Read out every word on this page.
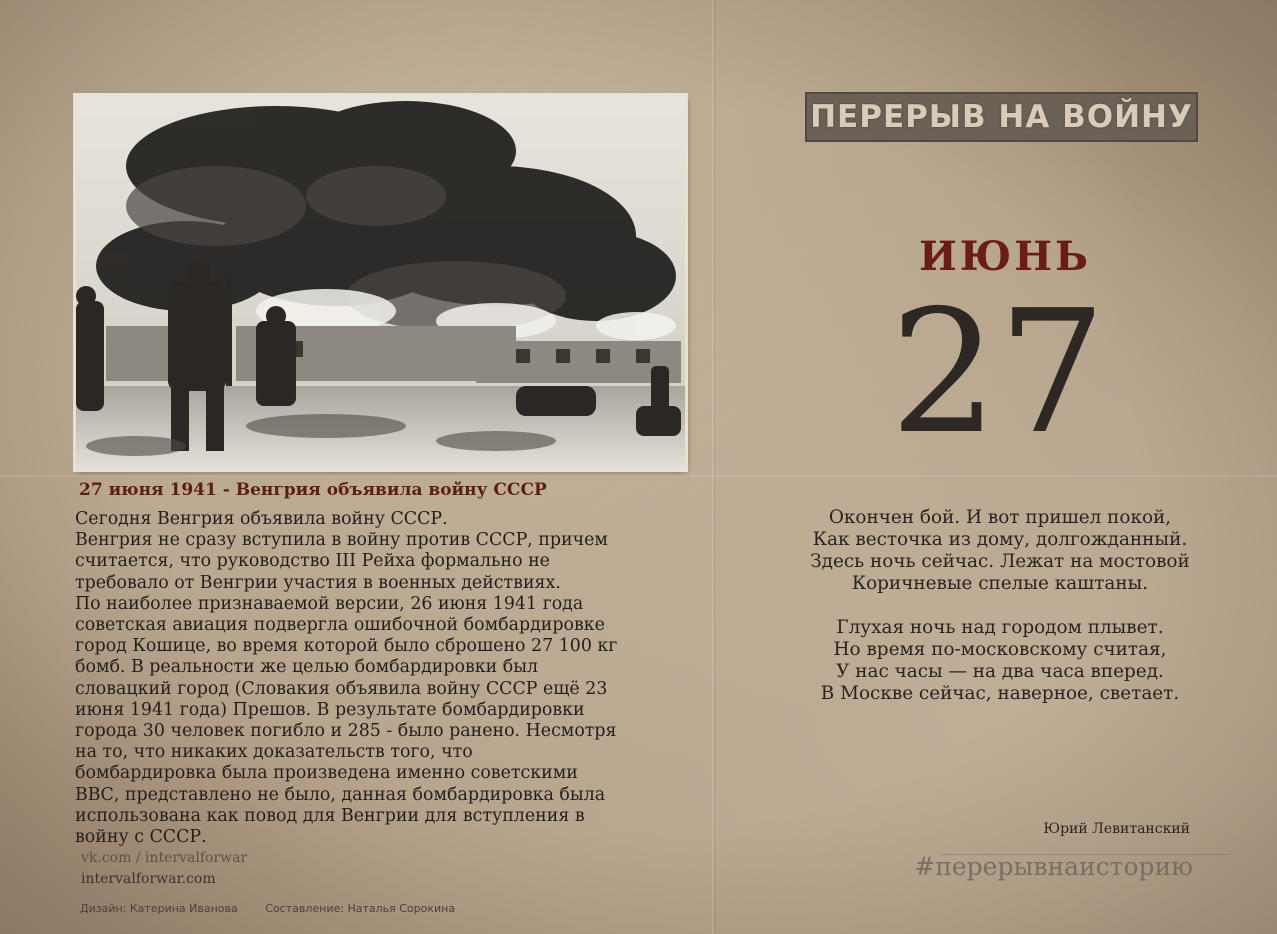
27 июня 1941 - Венгрия объявила войну СССР
Сегодня Венгрия объявила войну СССР.
Венгрия не сразу вступила в войну против СССР, причем
считается, что руководство III Рейха формально не
требовало от Венгрии участия в военных действиях.
По наиболее признаваемой версии, 26 июня 1941 года
советская авиация подвергла ошибочной бомбардировке
город Кошице, во время которой было сброшено 27 100 кг
бомб. В реальности же целью бомбардировки был
словацкий город (Словакия объявила войну СССР ещё 23
июня 1941 года) Прешов. В результате бомбардировки
города 30 человек погибло и 285 - было ранено. Несмотря
на то, что никаких доказательств того, что
бомбардировка была произведена именно советскими
ВВС, представлено не было, данная бомбардировка была
использована как повод для Венгрии для вступления в
войну с СССР.
vk.com / intervalforwar
intervalforwar.com
Дизайн: Катерина Иванова	Составление: Наталья Сорокина
ПЕРЕРЫВ НА ВОЙНУ
ИЮНЬ
27
Окончен бой. И вот пришел покой,
Как весточка из дому, долгожданный.
Здесь ночь сейчас. Лежат на мостовой
Коричневые спелые каштаны.
Глухая ночь над городом плывет.
Но время по-московскому считая,
У нас часы — на два часа вперед.
В Москве сейчас, наверное, светает.
Юрий Левитанский
#перерывнаисторию
